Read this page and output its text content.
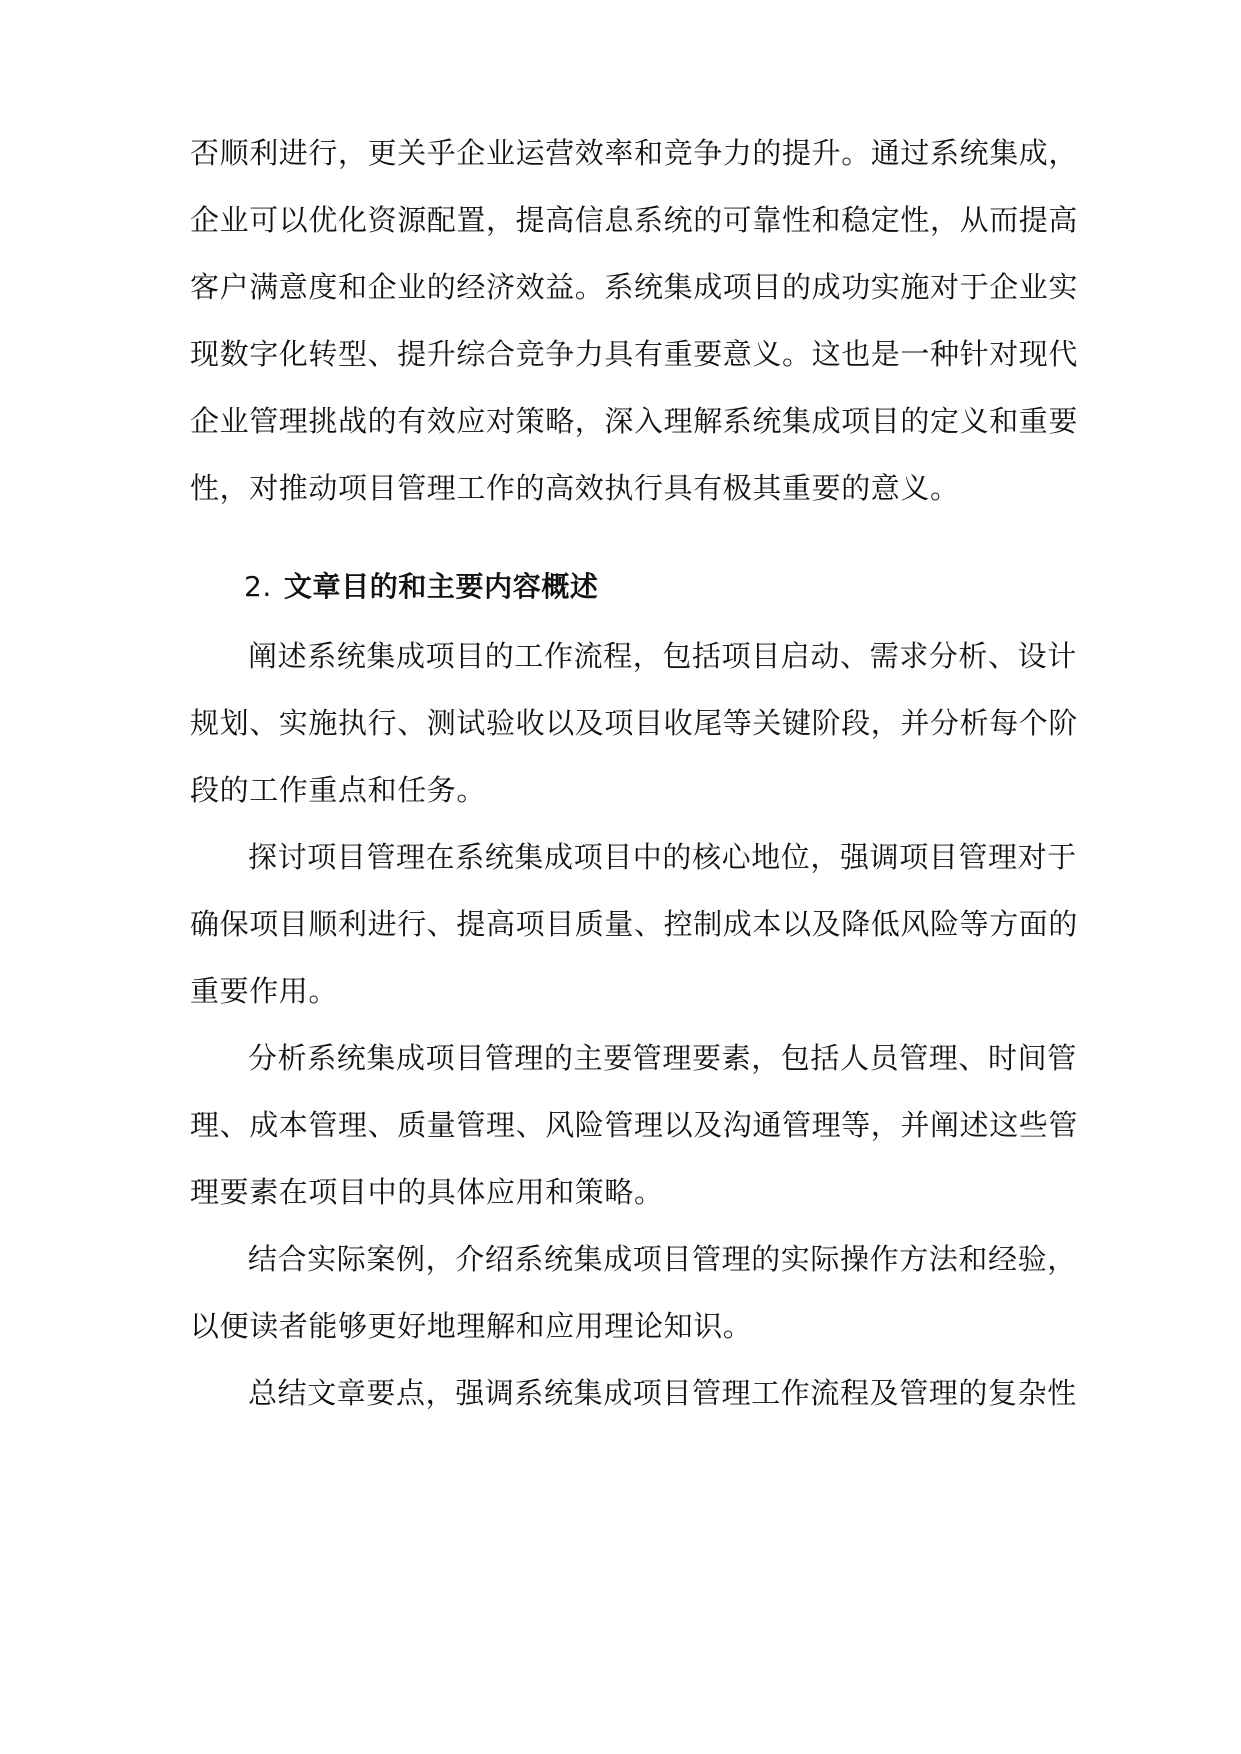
否顺利进行，更关乎企业运营效率和竞争力的提升。通过系统集成，
企业可以优化资源配置，提高信息系统的可靠性和稳定性，从而提高
客户满意度和企业的经济效益。系统集成项目的成功实施对于企业实
现数字化转型、提升综合竞争力具有重要意义。这也是一种针对现代
企业管理挑战的有效应对策略，深入理解系统集成项目的定义和重要
性，对推动项目管理工作的高效执行具有极其重要的意义。
2. 文章目的和主要内容概述
阐述系统集成项目的工作流程，包括项目启动、需求分析、设计
规划、实施执行、测试验收以及项目收尾等关键阶段，并分析每个阶
段的工作重点和任务。
探讨项目管理在系统集成项目中的核心地位，强调项目管理对于
确保项目顺利进行、提高项目质量、控制成本以及降低风险等方面的
重要作用。
分析系统集成项目管理的主要管理要素，包括人员管理、时间管
理、成本管理、质量管理、风险管理以及沟通管理等，并阐述这些管
理要素在项目中的具体应用和策略。
结合实际案例，介绍系统集成项目管理的实际操作方法和经验，
以便读者能够更好地理解和应用理论知识。
总结文章要点，强调系统集成项目管理工作流程及管理的复杂性
